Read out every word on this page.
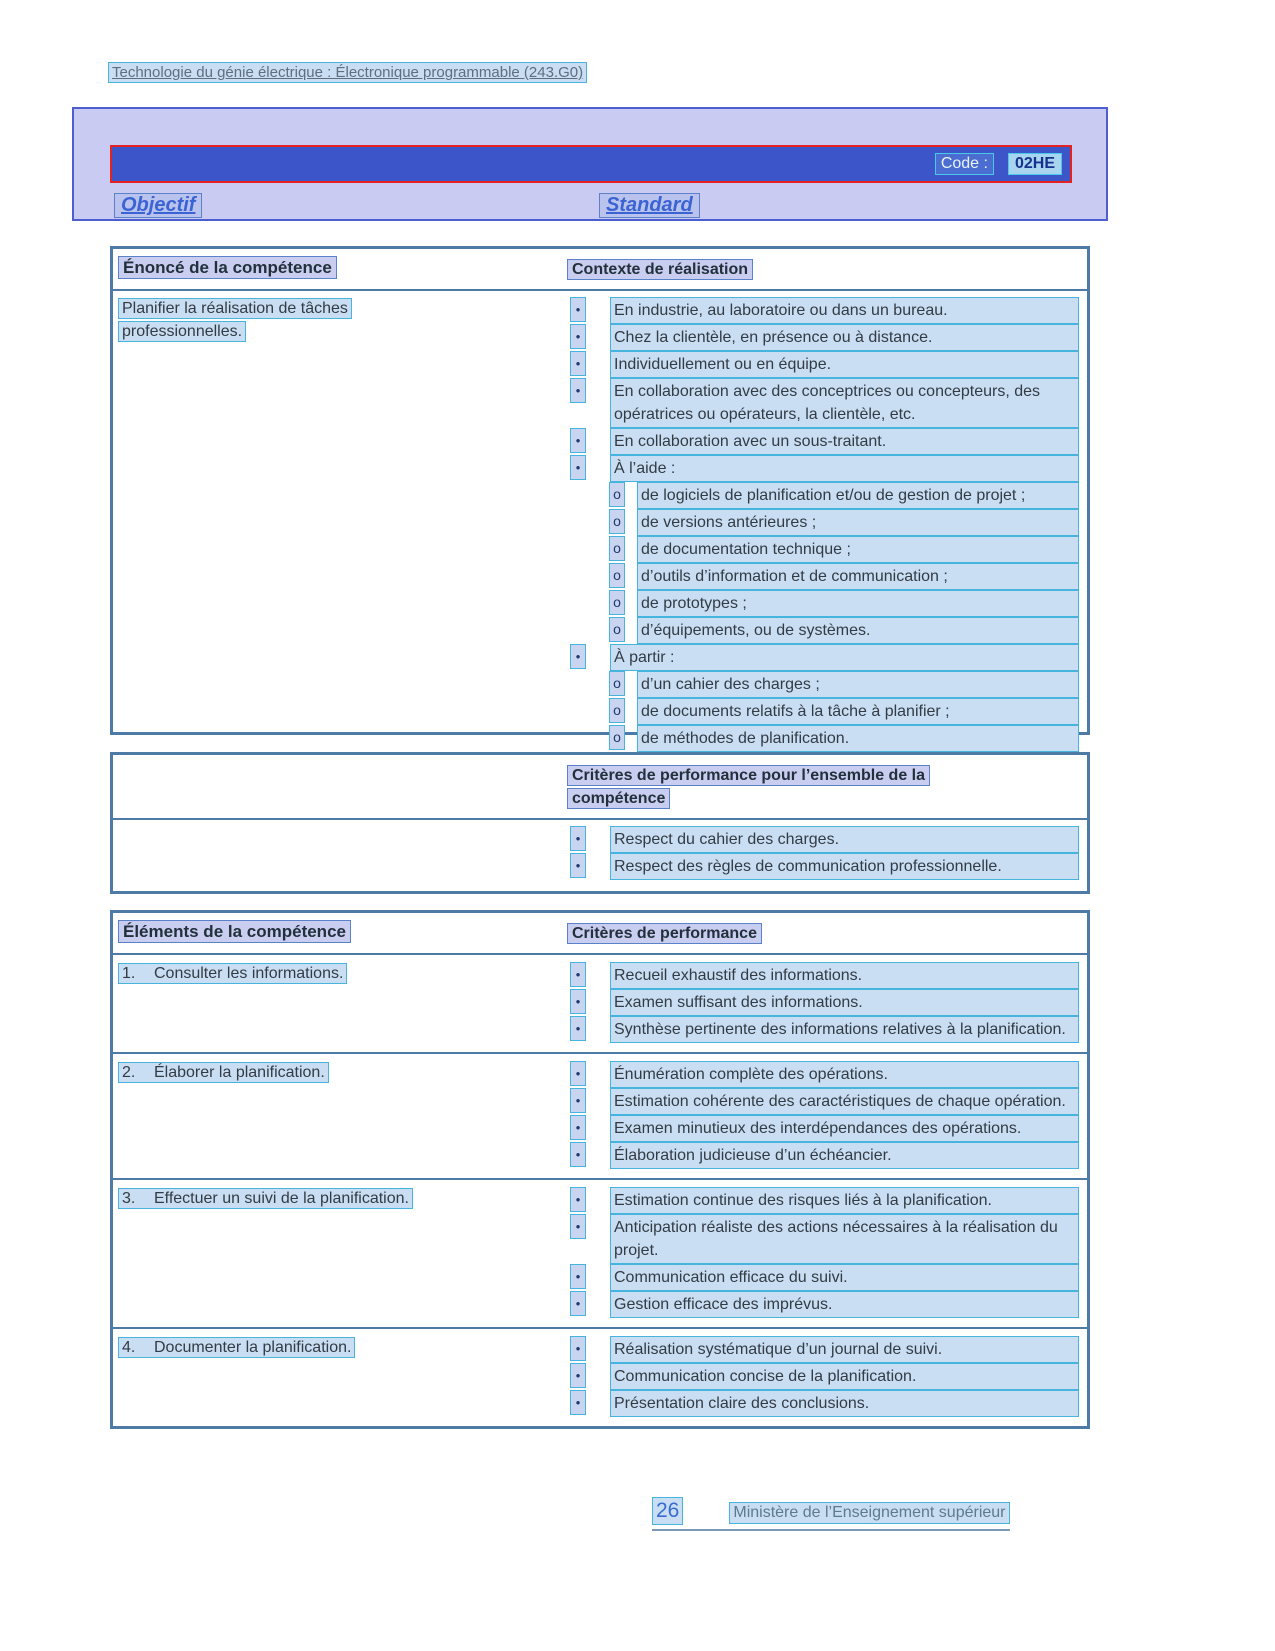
Technologie du génie électrique : Électronique programmable (243.G0)
Code :	02HE
Objectif	Standard
Énoncé de la compétence	Contexte de réalisation
Planifier la réalisation de tâches professionnelles.
•	En industrie, au laboratoire ou dans un bureau.
•	Chez la clientèle, en présence ou à distance.
•	Individuellement ou en équipe.
•	En collaboration avec des conceptrices ou concepteurs, des opératrices ou opérateurs, la clientèle, etc.
•	En collaboration avec un sous-traitant.
•	À l’aide :
o de logiciels de planification et/ou de gestion de projet ;
o de versions antérieures ;
o de documentation technique ;
o d’outils d’information et de communication ;
o de prototypes ;
o d’équipements, ou de systèmes.
•	À partir :
o d’un cahier des charges ;
o de documents relatifs à la tâche à planifier ;
o de méthodes de planification.
Critères de performance pour l’ensemble de la compétence
•	Respect du cahier des charges.
•	Respect des règles de communication professionnelle.
Éléments de la compétence	Critères de performance
1. Consulter les informations.	•	Recueil exhaustif des informations.
•	Examen suffisant des informations.
•	Synthèse pertinente des informations relatives à la planification.
2. Élaborer la planification.	•	Énumération complète des opérations.
•	Estimation cohérente des caractéristiques de chaque opération.
•	Examen minutieux des interdépendances des opérations.
•	Élaboration judicieuse d’un échéancier.
3. Effectuer un suivi de la planification.	•	Estimation continue des risques liés à la planification.
•	Anticipation réaliste des actions nécessaires à la réalisation du projet.
•	Communication efficace du suivi.
•	Gestion efficace des imprévus.
4. Documenter la planification.	•	Réalisation systématique d’un journal de suivi.
•	Communication concise de la planification.
•	Présentation claire des conclusions.
26	Ministère de l’Enseignement supérieur
